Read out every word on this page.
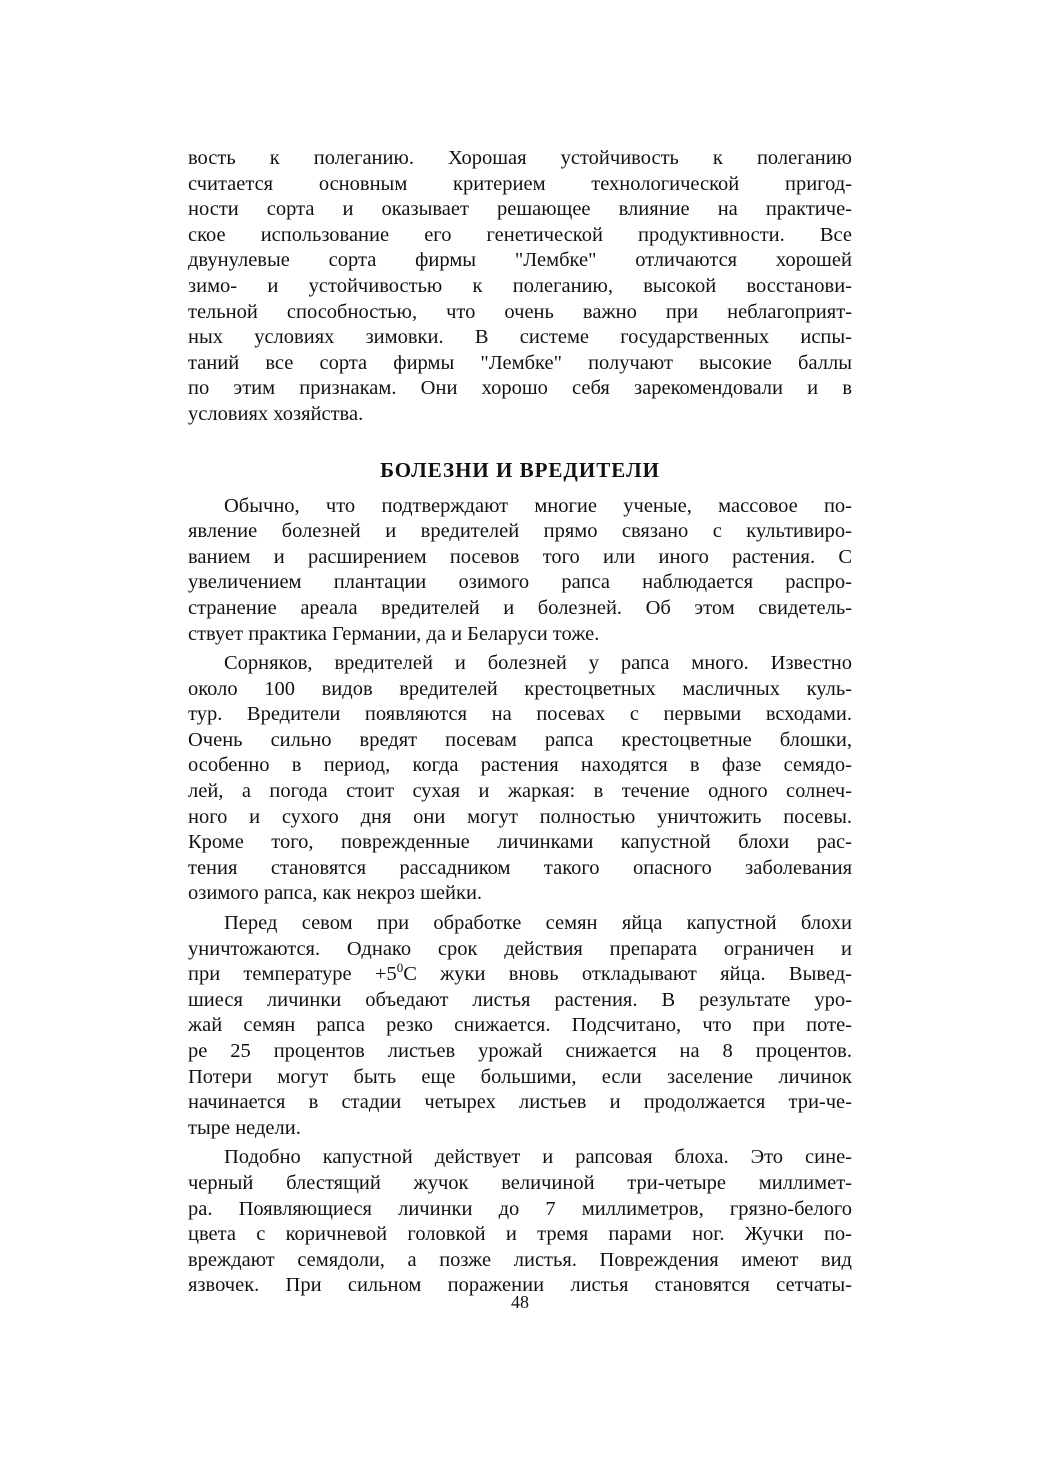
вость к полеганию. Хорошая устойчивость к полеганию
считается основным критерием технологической пригод-
ности сорта и оказывает решающее влияние на практиче-
ское использование его генетической продуктивности. Все
двунулевые сорта фирмы "Лембке" отличаются хорошей
зимо- и устойчивостью к полеганию, высокой восстанови-
тельной способностью, что очень важно при неблагоприят-
ных условиях зимовки. В системе государственных испы-
таний все сорта фирмы "Лембке" получают высокие баллы
по этим признакам. Они хорошо себя зарекомендовали и в
условиях хозяйства.
БОЛЕЗНИ И ВРЕДИТЕЛИ
Обычно, что подтверждают многие ученые, массовое по-
явление болезней и вредителей прямо связано с культивиро-
ванием и расширением посевов того или иного растения. С
увеличением плантации озимого рапса наблюдается распро-
странение ареала вредителей и болезней. Об этом свидетель-
ствует практика Германии, да и Беларуси тоже.
Сорняков, вредителей и болезней у рапса много. Известно
около 100 видов вредителей крестоцветных масличных куль-
тур. Вредители появляются на посевах с первыми всходами.
Очень сильно вредят посевам рапса крестоцветные блошки,
особенно в период, когда растения находятся в фазе семядо-
лей, а погода стоит сухая и жаркая: в течение одного солнеч-
ного и сухого дня они могут полностью уничтожить посевы.
Кроме того, поврежденные личинками капустной блохи рас-
тения становятся рассадником такого опасного заболевания
озимого рапса, как некроз шейки.
Перед севом при обработке семян яйца капустной блохи
уничтожаются. Однако срок действия препарата ограничен и
при температуре $+5^0С$ жуки вновь откладывают яйца. Вывед-
шиеся личинки объедают листья растения. В результате уро-
жай семян рапса резко снижается. Подсчитано, что при поте-
ре 25 процентов листьев урожай снижается на 8 процентов.
Потери могут быть еще большими, если заселение личинок
начинается в стадии четырех листьев и продолжается три-че-
тыре недели.
Подобно капустной действует и рапсовая блоха. Это сине-
черный блестящий жучок величиной три-четыре миллимет-
ра. Появляющиеся личинки до 7 миллиметров, грязно-белого
цвета с коричневой головкой и тремя парами ног. Жучки по-
вреждают семядоли, а позже листья. Повреждения имеют вид
язвочек. При сильном поражении листья становятся сетчаты-
48
